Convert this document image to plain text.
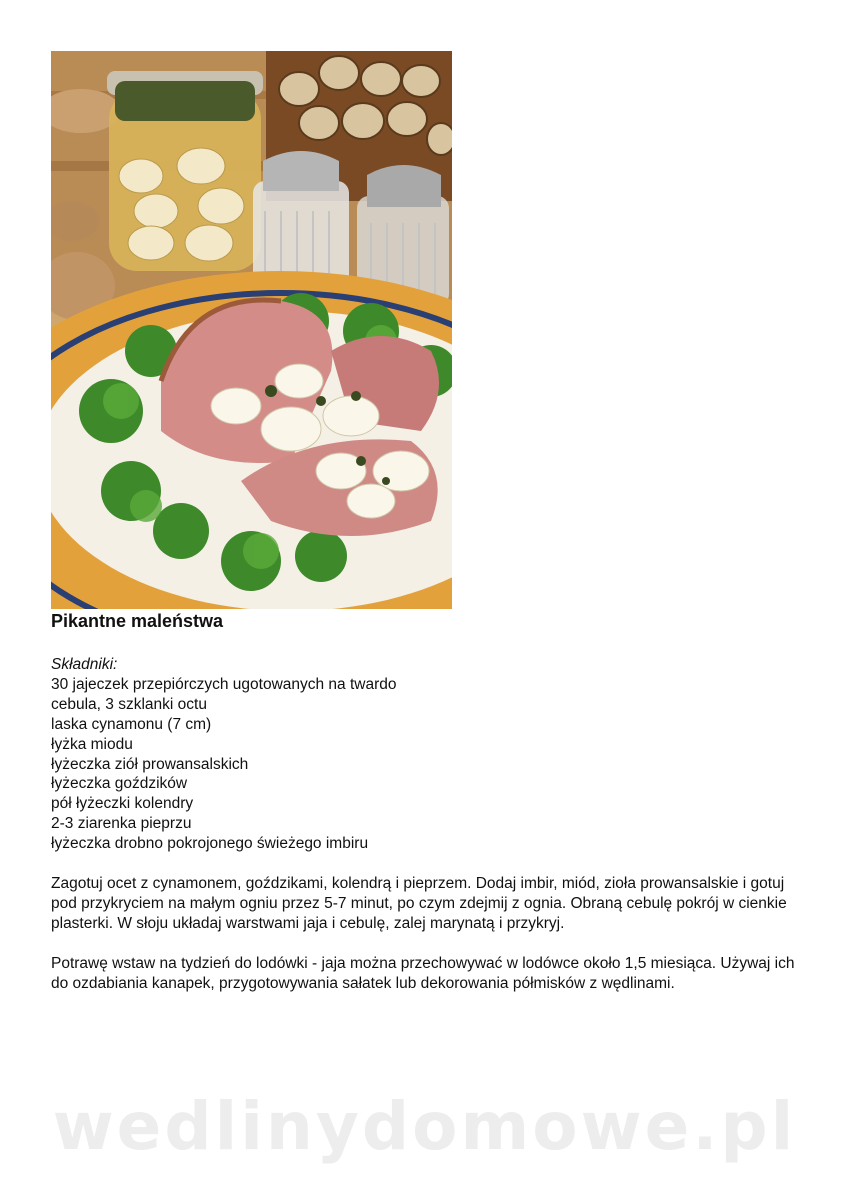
Pikantne maleństwa

Składniki:

30 jajeczek przepiórczych ugotowanych na twardo
cebula, 3 szklanki octu
laska cynamonu (7 cm)
łyżka miodu
łyżeczka ziół prowansalskich
łyżeczka goździków
pół łyżeczki kolendry
2-3 ziarenka pieprzu
łyżeczka drobno pokrojonego świeżego imbiru

Zagotuj ocet z cynamonem, goździkami, kolendrą i pieprzem. Dodaj imbir, miód, zioła prowansalskie i gotuj pod przykryciem na małym ogniu przez 5-7 minut, po czym zdejmij z ognia. Obraną cebulę pokrój w cienkie plasterki. W słoju układaj warstwami jaja i cebulę, zalej marynatą i przykryj.

Potrawę wstaw na tydzień do lodówki - jaja można przechowywać w lodówce około 1,5 miesiąca. Używaj ich do ozdabiania kanapek, przygotowywania sałatek lub dekorowania półmisków z wędlinami.

wedlinydomowe.pl
